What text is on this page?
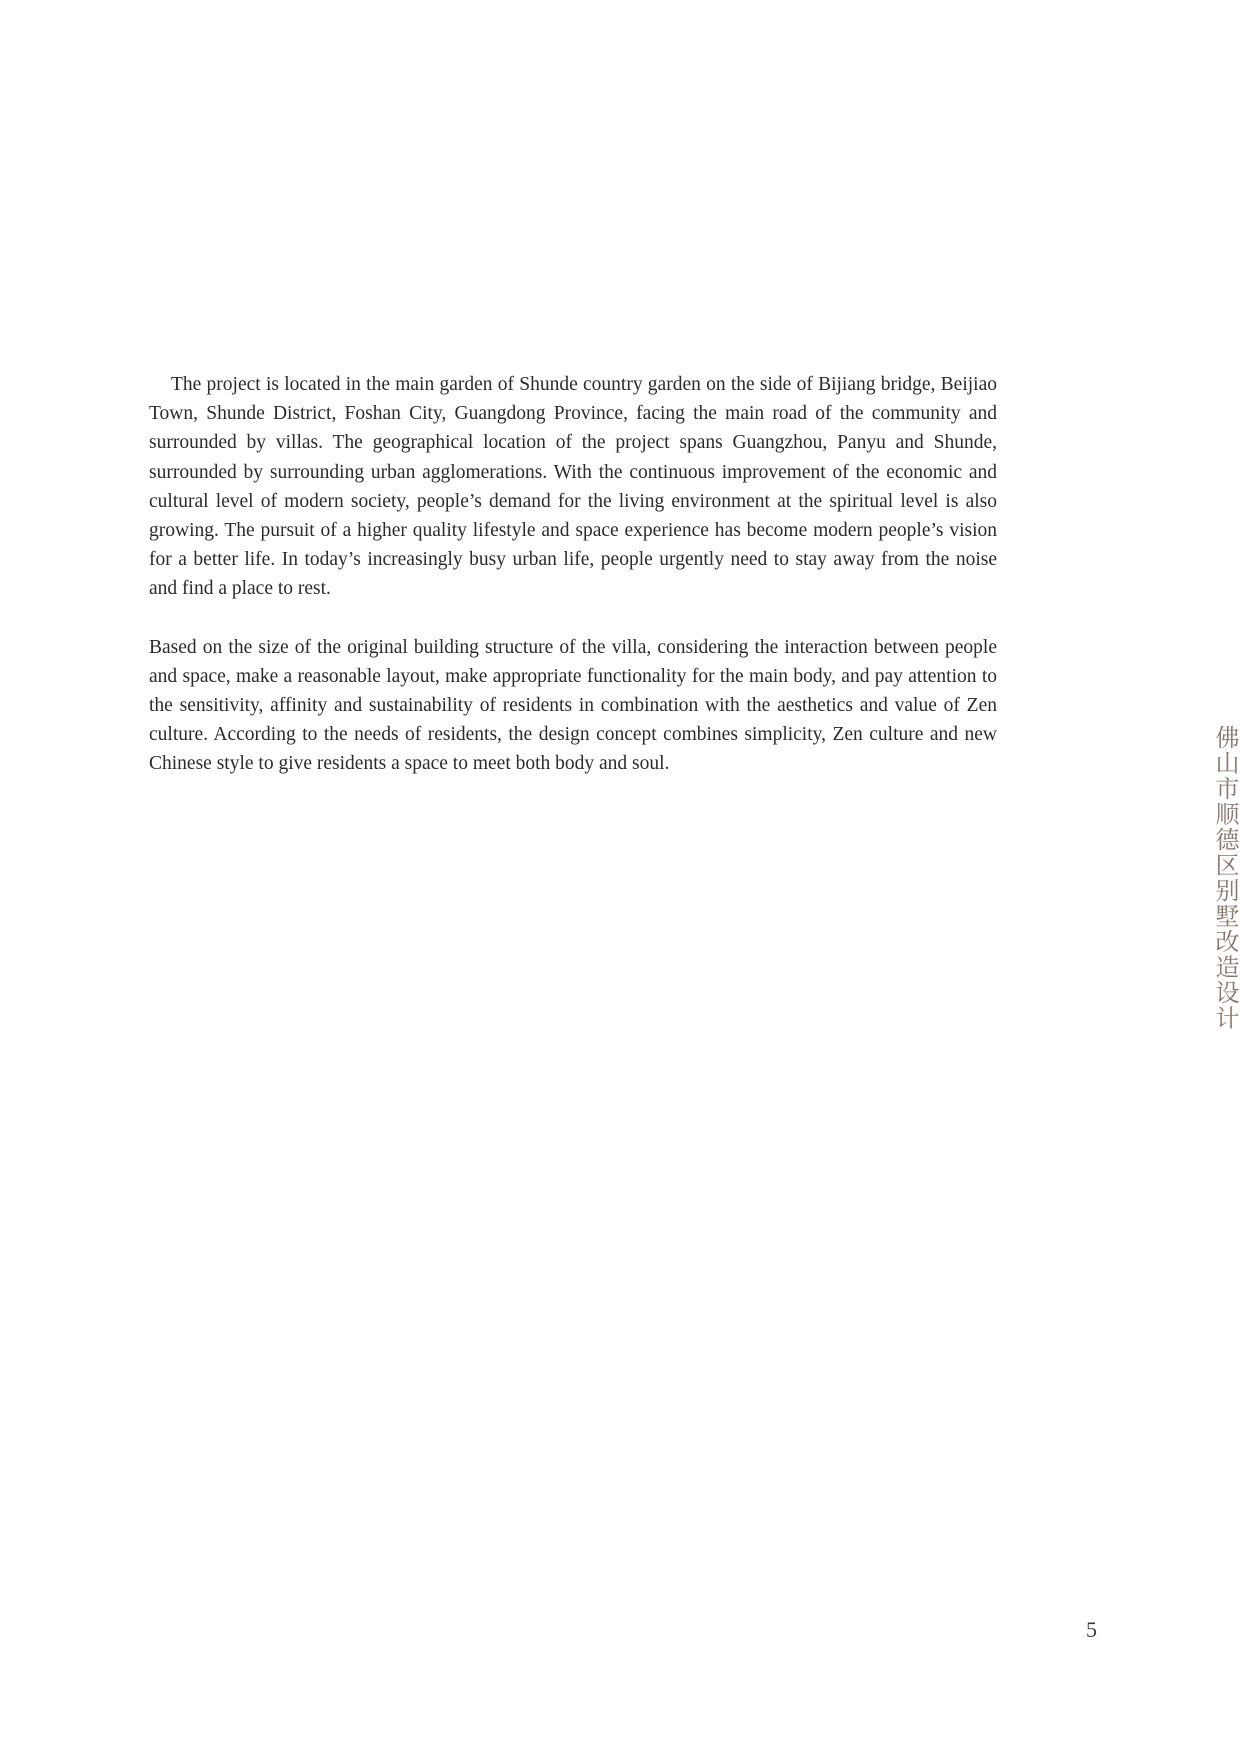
The project is located in the main garden of Shunde country garden on the side of Bijiang bridge, Beijiao Town, Shunde District, Foshan City, Guangdong Province, facing the main road of the community and surrounded by villas. The geographical location of the project spans Guangzhou, Panyu and Shunde, surrounded by surrounding urban agglomerations. With the continuous improvement of the economic and cultural level of modern society, people’s demand for the living environment at the spiritual level is also growing. The pursuit of a higher quality lifestyle and space experience has become modern people’s vision for a better life. In today’s increasingly busy urban life, people urgently need to stay away from the noise and find a place to rest.

Based on the size of the original building structure of the villa, considering the interaction between people and space, make a reasonable layout, make appropriate functionality for the main body, and pay attention to the sensitivity, affinity and sustainability of residents in combination with the aesthetics and value of Zen culture. According to the needs of residents, the design concept combines simplicity, Zen culture and new Chinese style to give residents a space to meet both body and soul.	佛山市顺德区别墅改造设计
5
